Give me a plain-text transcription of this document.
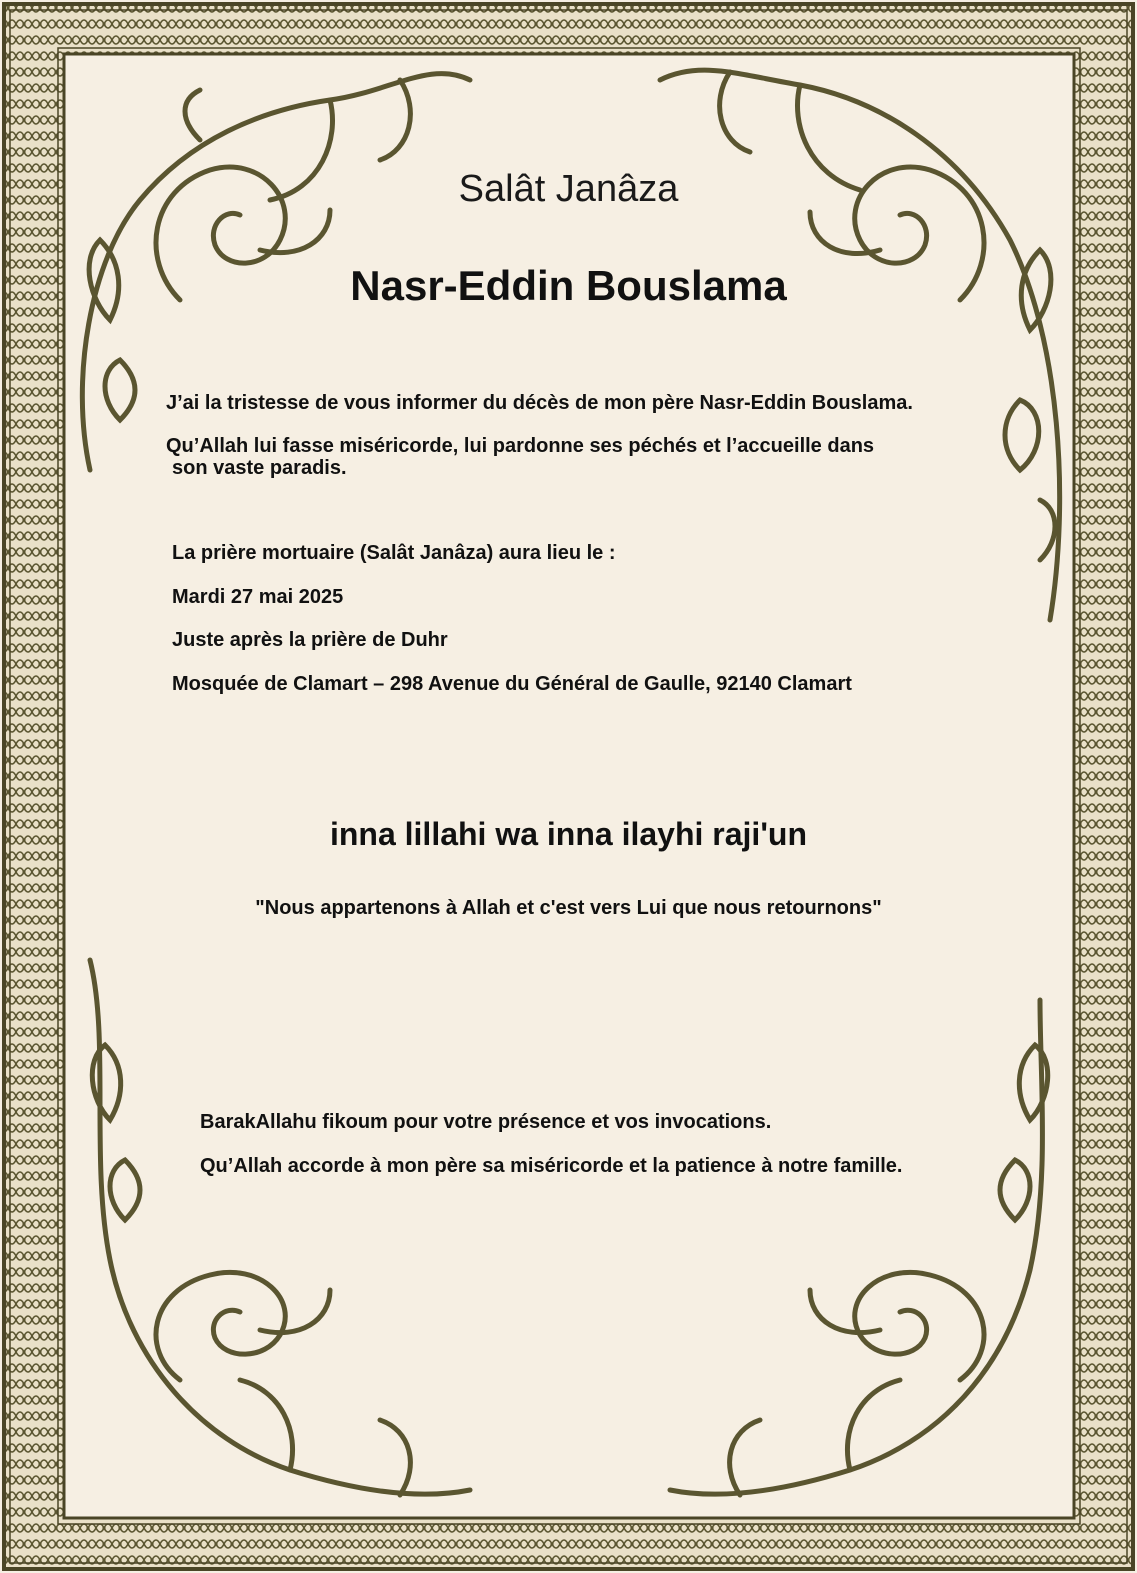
Salât Janâza
Nasr-Eddin Bouslama
J’ai la tristesse de vous informer du décès de mon père Nasr-Eddin Bouslama.
Qu’Allah lui fasse miséricorde, lui pardonne ses péchés et l’accueille dans
son vaste paradis.
La prière mortuaire (Salât Janâza) aura lieu le :
Mardi 27 mai 2025
Juste après la prière de Duhr
Mosquée de Clamart – 298 Avenue du Général de Gaulle, 92140 Clamart
inna lillahi wa inna ilayhi raji'un
"Nous appartenons à Allah et c'est vers Lui que nous retournons"
BarakAllahu fikoum pour votre présence et vos invocations.
Qu’Allah accorde à mon père sa miséricorde et la patience à notre famille.
